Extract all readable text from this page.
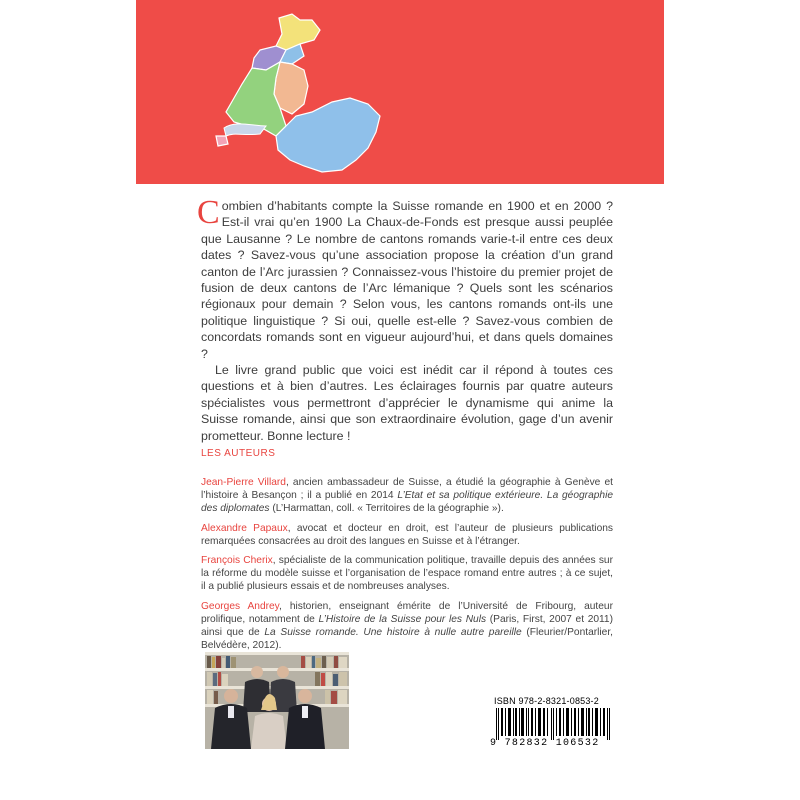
Combien d’habitants compte la Suisse romande en 1900 et en 2000 ? Est-il vrai qu’en 1900 La Chaux-de-Fonds est presque aussi peuplée que Lausanne ? Le nombre de cantons romands varie-t-il entre ces deux dates ? Savez-vous qu’une association propose la création d’un grand canton de l’Arc jurassien ? Connaissez-vous l’histoire du premier projet de fusion de deux cantons de l’Arc lémanique ? Quels sont les scénarios régionaux pour demain ? Selon vous, les cantons romands ont-ils une politique linguistique ? Si oui, quelle est-elle ? Savez-vous combien de concordats romands sont en vigueur aujourd’hui, et dans quels domaines ?

Le livre grand public que voici est inédit car il répond à toutes ces questions et à bien d’autres. Les éclairages fournis par quatre auteurs spécialistes vous permettront d’apprécier le dynamisme qui anime la Suisse romande, ainsi que son extraordinaire évolution, gage d’un avenir prometteur. Bonne lecture !

LES AUTEURS

Jean-Pierre Villard, ancien ambassadeur de Suisse, a étudié la géographie à Genève et l’histoire à Besançon ; il a publié en 2014 L’Etat et sa politique extérieure. La géographie des diplomates (L’Harmattan, coll. « Territoires de la géographie »).

Alexandre Papaux, avocat et docteur en droit, est l’auteur de plusieurs publications remarquées consacrées au droit des langues en Suisse et à l’étranger.

François Cherix, spécialiste de la communication politique, travaille depuis des années sur la réforme du modèle suisse et l’organisation de l’espace romand entre autres ; à ce sujet, il a publié plusieurs essais et de nombreuses analyses.

Georges Andrey, historien, enseignant émérite de l’Université de Fribourg, auteur prolifique, notamment de L’Histoire de la Suisse pour les Nuls (Paris, First, 2007 et 2011) ainsi que de La Suisse romande. Une histoire à nulle autre pareille (Fleurier/Pontarlier, Belvédère, 2012).

ISBN 978-2-8321-0853-2
9 782832 106532
